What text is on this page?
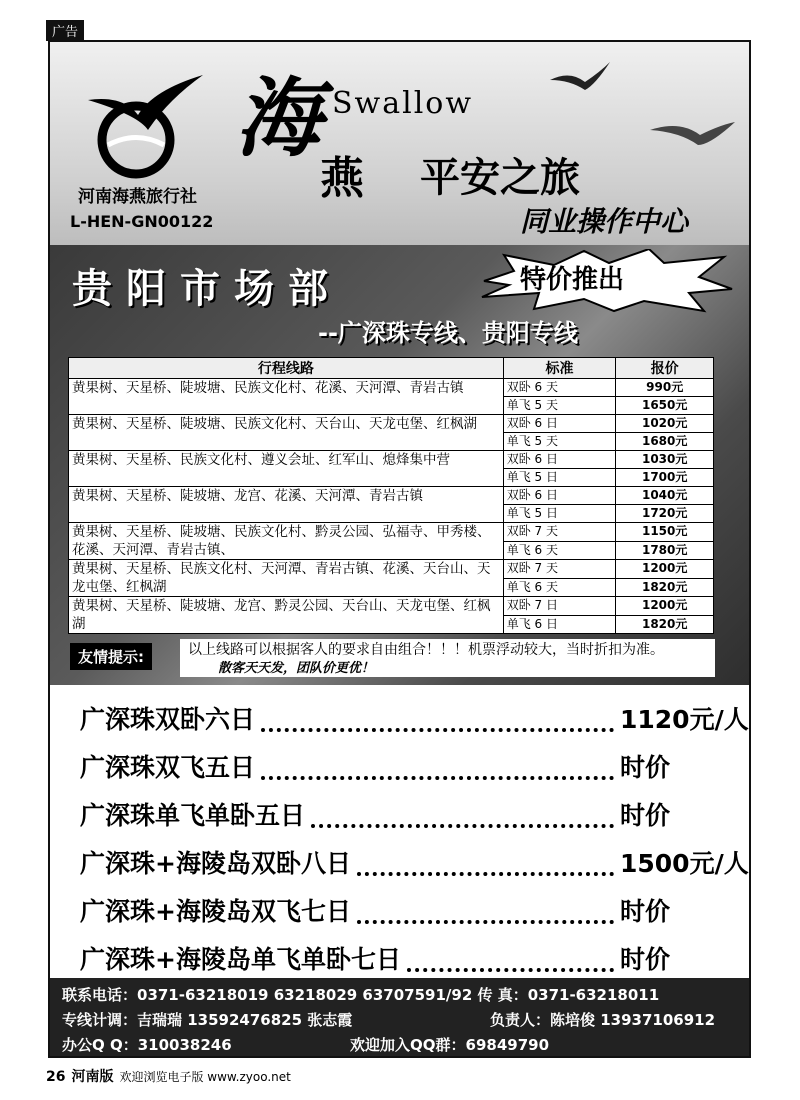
广告
河南海燕旅行社
L-HEN-GN00122
海 Swallow
燕 平安之旅
同业操作中心
贵阳市场部	特价推出
--广深珠专线、贵阳专线
行程线路	标准	报价
黄果树、天星桥、陡坡塘、民族文化村、花溪、天河潭、青岩古镇	双卧 6 天	990元
	单飞 5 天	1650元
黄果树、天星桥、陡坡塘、民族文化村、天台山、天龙屯堡、红枫湖	双卧 6 日	1020元
	单飞 5 天	1680元
黄果树、天星桥、民族文化村、遵义会址、红军山、熄烽集中营	双卧 6 日	1030元
	单飞 5 日	1700元
黄果树、天星桥、陡坡塘、龙宫、花溪、天河潭、青岩古镇	双卧 6 日	1040元
	单飞 5 日	1720元
黄果树、天星桥、陡坡塘、民族文化村、黔灵公园、弘福寺、甲秀楼、花溪、天河潭、青岩古镇、	双卧 7 天	1150元
	单飞 6 天	1780元
黄果树、天星桥、民族文化村、天河潭、青岩古镇、花溪、天台山、天龙屯堡、红枫湖	双卧 7 天	1200元
	单飞 6 天	1820元
黄果树、天星桥、陡坡塘、龙宫、黔灵公园、天台山、天龙屯堡、红枫湖	双卧 7 日	1200元
	单飞 6 日	1820元
友情提示:	以上线路可以根据客人的要求自由组合！！！机票浮动较大，当时折扣为准。 散客天天发，团队价更优！
广深珠双卧六日	1120元/人
广深珠双飞五日	时价
广深珠单飞单卧五日	时价
广深珠+海陵岛双卧八日	1500元/人
广深珠+海陵岛双飞七日	时价
广深珠+海陵岛单飞单卧七日	时价
联系电话：0371-63218019 63218029 63707591/92 传 真：0371-63218011
专线计调：吉瑞瑞 13592476825 张志霞	负责人：陈培俊 13937106912
办公Q Q：310038246	欢迎加入QQ群：69849790
26 河南版 欢迎浏览电子版 www.zyoo.net
